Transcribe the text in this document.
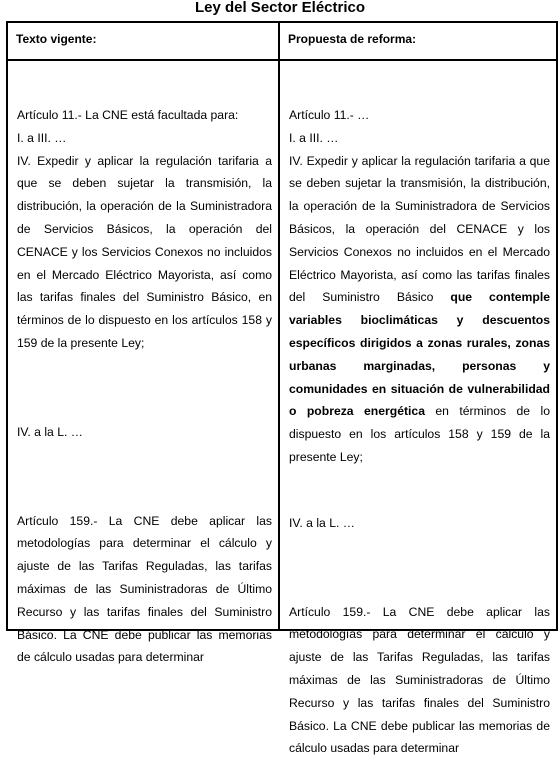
Ley del Sector Eléctrico
Texto vigente:

Artículo 11.- La CNE está facultada para:

I. a III. …

IV. Expedir y aplicar la regulación tarifaria a que se deben sujetar la transmisión, la distribución, la operación de la Suministradora de Servicios Básicos, la operación del CENACE y los Servicios Conexos no incluidos en el Mercado Eléctrico Mayorista, así como las tarifas finales del Suministro Básico, en términos de lo dispuesto en los artículos 158 y 159 de la presente Ley;

IV. a la L. …

Artículo 159.- La CNE debe aplicar las metodologías para determinar el cálculo y ajuste de las Tarifas Reguladas, las tarifas máximas de las Suministradoras de Último Recurso y las tarifas finales del Suministro Básico. La CNE debe publicar las memorias de cálculo usadas para determinar

Propuesta de reforma:

Artículo 11.- …

I. a III. …

IV. Expedir y aplicar la regulación tarifaria a que se deben sujetar la transmisión, la distribución, la operación de la Suministradora de Servicios Básicos, la operación del CENACE y los Servicios Conexos no incluidos en el Mercado Eléctrico Mayorista, así como las tarifas finales del Suministro Básico que contemple variables bioclimáticas y descuentos específicos dirigidos a zonas rurales, zonas urbanas marginadas, personas y comunidades en situación de vulnerabilidad o pobreza energética en términos de lo dispuesto en los artículos 158 y 159 de la presente Ley;

IV. a la L. …

Artículo 159.- La CNE debe aplicar las metodologías para determinar el cálculo y ajuste de las Tarifas Reguladas, las tarifas máximas de las Suministradoras de Último Recurso y las tarifas finales del Suministro Básico. La CNE debe publicar las memorias de cálculo usadas para determinar
